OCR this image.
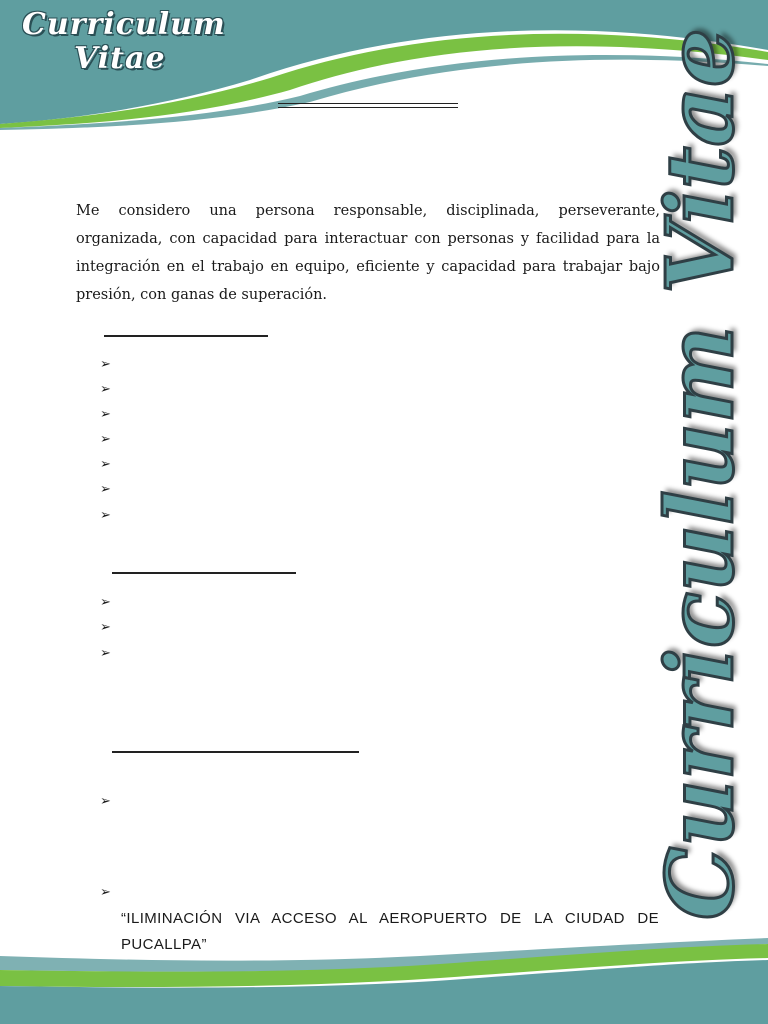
Curriculum
Vitae
Me considero una persona responsable, disciplinada, perseverante, organizada, con capacidad para interactuar con personas y facilidad para la integración en el trabajo en equipo, eficiente y capacidad para trabajar bajo presión, con ganas de superación.
➢
➢
➢
➢
➢
➢
➢
➢
➢
➢
➢
➢
“ILIMINACIÓN VIA ACCESO AL AEROPUERTO DE LA CIUDAD DE PUCALLPA”
Curriculum Vitae
